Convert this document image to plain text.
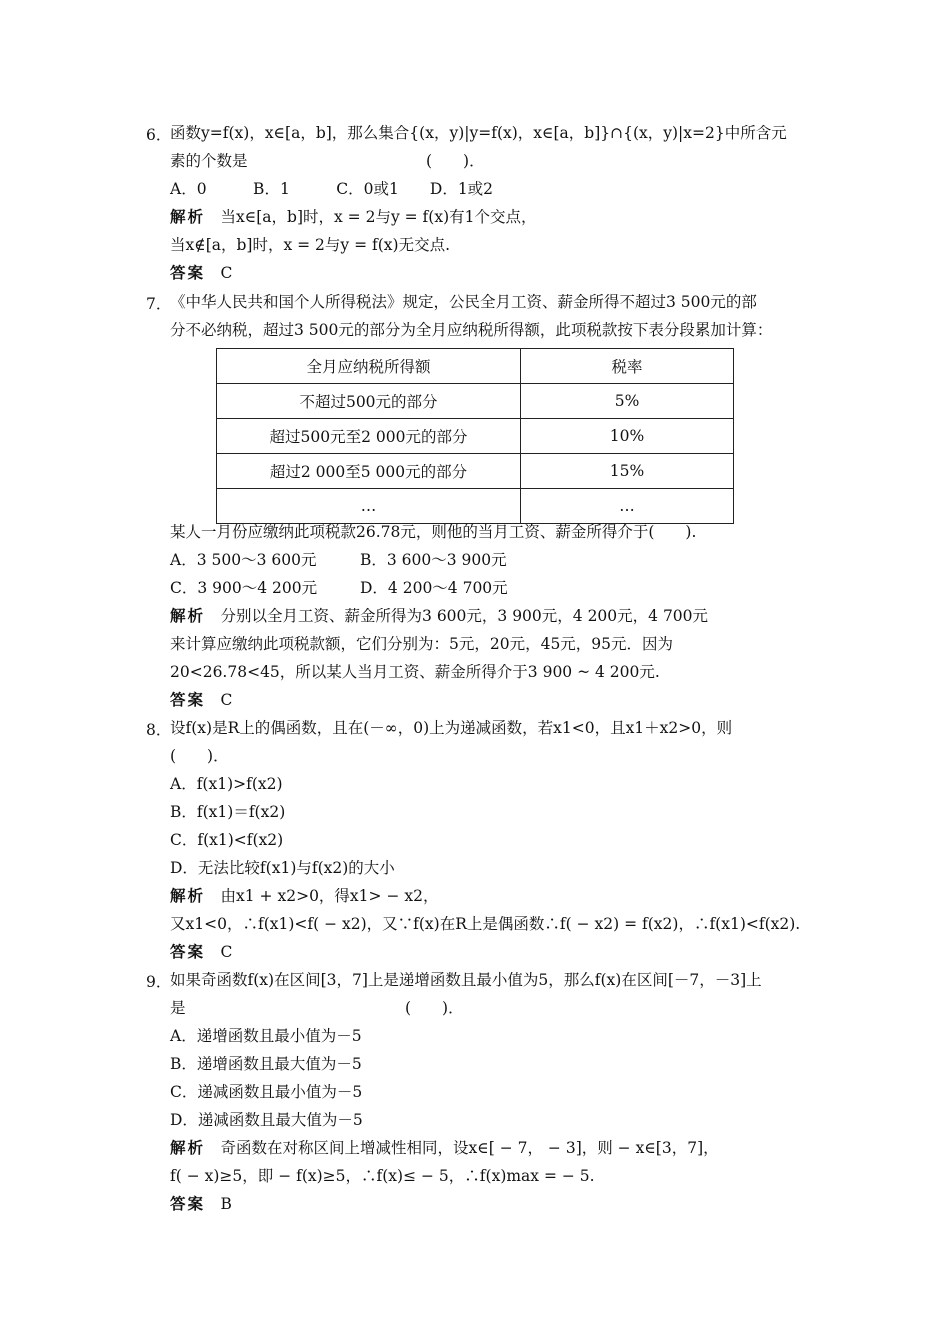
6．
函数y=f(x)，x∈[a，b]，那么集合{(x，y)|y=f(x)，x∈[a，b]}∩{(x，y)|x=2}中所含元
素的个数是	(　　)．
A．0　　　B．1　　　C．0或1　　D．1或2
解析　 当x∈[a，b]时，x = 2与y = f(x)有1个交点，
当x∉[a，b]时，x = 2与y = f(x)无交点.
答案　 C
7．
《中华人民共和国个人所得税法》规定，公民全月工资、薪金所得不超过3 500元的部
分不必纳税，超过3 500元的部分为全月应纳税所得额，此项税款按下表分段累加计算：
全月应纳税所得额	税率
不超过500元的部分	5%
超过500元至2 000元的部分	10%
超过2 000至5 000元的部分	15%
…	…
某人一月份应缴纳此项税款26.78元，则他的当月工资、薪金所得介于(　　).
A．3 500～3 600元	B．3 600～3 900元
C．3 900～4 200元	D．4 200～4 700元
解析　 分别以全月工资、薪金所得为3 600元，3 900元，4 200元，4 700元
来计算应缴纳此项税款额，它们分别为：5元，20元，45元，95元．因为
20<26.78<45，所以某人当月工资、薪金所得介于3 900 ~ 4 200元.
答案　 C
8．
设f(x)是R上的偶函数，且在(－∞，0)上为递减函数，若x1<0，且x1＋x2>0，则
(　　)．
A．f(x1)>f(x2)
B．f(x1)＝f(x2)
C．f(x1)<f(x2)
D．无法比较f(x1)与f(x2)的大小
解析　 由x1 + x2>0，得x1> − x2，
又x1<0，∴f(x1)<f( − x2)，又∵f(x)在R上是偶函数∴f( − x2) = f(x2)，∴f(x1)<f(x2).
答案　 C
9．
如果奇函数f(x)在区间[3，7]上是递增函数且最小值为5，那么f(x)在区间[－7，－3]上
是	(　　)．
A．递增函数且最小值为－5
B．递增函数且最大值为－5
C．递减函数且最小值为－5
D．递减函数且最大值为－5
解析　 奇函数在对称区间上增减性相同，设x∈[ − 7， − 3]，则 − x∈[3，7]，
f( − x)≥5，即 − f(x)≥5，∴f(x)≤ − 5，∴f(x)max = − 5.
答案　 B
